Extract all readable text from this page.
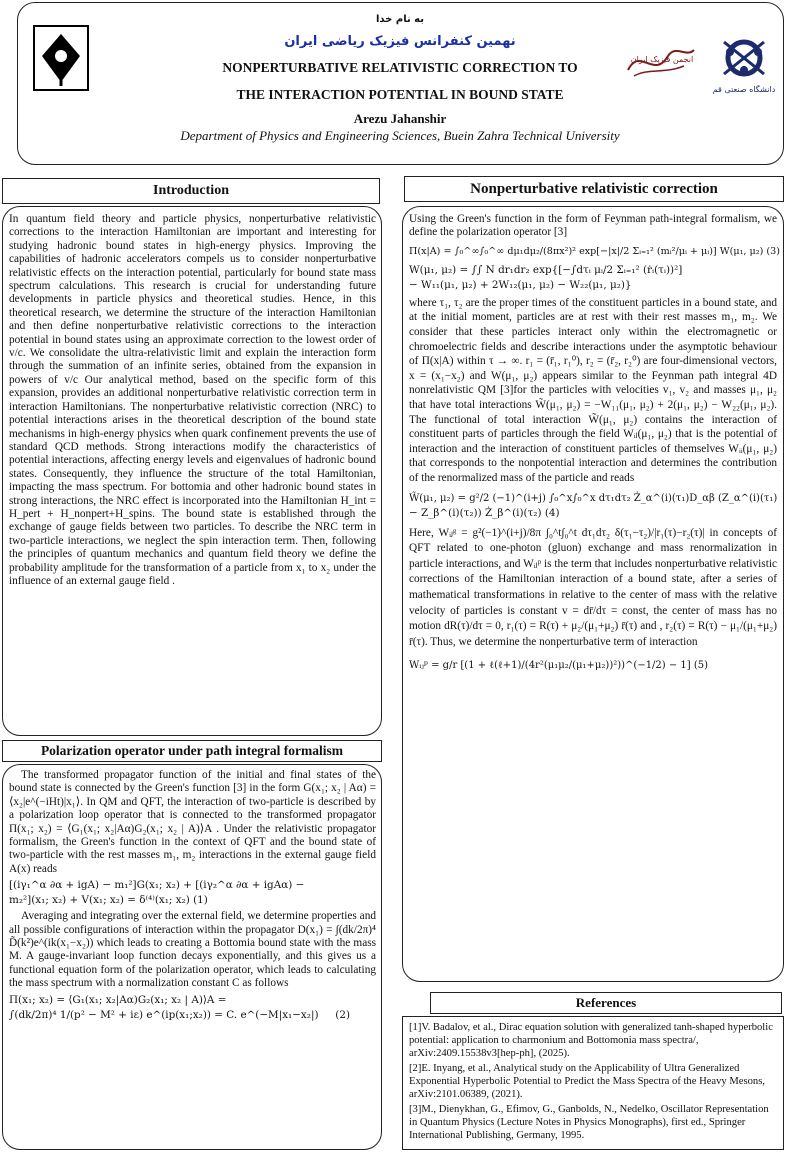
به نام خدا
نهمین کنفرانس فیزیک ریاضی ایران
NONPERTURBATIVE RELATIVISTIC CORRECTION TO
THE INTERACTION POTENTIAL IN BOUND STATE
Arezu Jahanshir
Department of Physics and Engineering Sciences, Buein Zahra Technical University
انجمن فیزیک ایران
دانشگاه صنعتی قم
Introduction

In quantum field theory and particle physics, nonperturbative relativistic corrections to the interaction Hamiltonian are important and interesting for studying hadronic bound states in high-energy physics. Improving the capabilities of hadronic accelerators compels us to consider nonperturbative relativistic effects on the interaction potential, particularly for bound state mass spectrum calculations. This research is crucial for understanding future developments in particle physics and theoretical studies. Hence, in this theoretical research, we determine the structure of the interaction Hamiltonian and then define nonperturbative relativistic corrections to the interaction potential in bound states using an approximate correction to the lowest order of v/c. We consolidate the ultra-relativistic limit and explain the interaction form through the summation of an infinite series, obtained from the expansion in powers of v/c Our analytical method, based on the specific form of this expansion, provides an additional nonperturbative relativistic correction term in interaction Hamiltonians. The nonperturbative relativistic correction (NRC) to potential interactions arises in the theoretical description of the bound state mechanisms in high-energy physics when quark confinement prevents the use of standard QCD methods. Strong interactions modify the characteristics of potential interactions, affecting energy levels and eigenvalues of hadronic bound states. Consequently, they influence the structure of the total Hamiltonian, impacting the mass spectrum. For bottomia and other hadronic bound states in strong interactions, the NRC effect is incorporated into the Hamiltonian H_int = H_pert + H_nonpert+H_spins. The bound state is established through the exchange of gauge fields between two particles. To describe the NRC term in two-particle interactions, we neglect the spin interaction term. Then, following the principles of quantum mechanics and quantum field theory we define the probability amplitude for the transformation of a particle from x₁ to x₂ under the influence of an external gauge field .

Polarization operator under path integral formalism

The transformed propagator function of the initial and final states of the bound state is connected by the Green's function [3] in the form G(x₁; x₂ | Aα) = ⟨x₂|e^(−iHt)|x₁⟩. In QM and QFT, the interaction of two-particle is described by a polarization loop operator that is connected to the transformed propagator Π(x₁; x₂) = ⟨G₁(x₁; x₂|Aα)G₂(x₁; x₂ | A)⟩A . Under the relativistic propagator formalism, the Green's function in the context of QFT and the bound state of two-particle with the rest masses m₁, m₂ interactions in the external gauge field A(x) reads

[(iγ₁^α ∂α + igA) − m₁²]G(x₁; x₂) + [(iγ₂^α ∂α + igAα) −
m₂²](x₁; x₂) + V(x₁; x₂) = δ⁽⁴⁾(x₁; x₂) (1)

Averaging and integrating over the external field, we determine properties and all possible configurations of interaction within the propagator D(x₁) = ∫(dk/2π)⁴ D̃(k²)e^(ik(x₁−x₂)) which leads to creating a Bottomia bound state with the mass M. A gauge-invariant loop function decays exponentially, and this gives us a functional equation form of the polarization operator, which leads to calculating the mass spectrum with a normalization constant C as follows

Π(x₁; x₂) = ⟨G₁(x₁; x₂|Aα)G₂(x₁; x₂ | A)⟩A =
∫(dk/2π)⁴ 1/(p² − M² + iε) e^(ip(x₁;x₂)) = C. e^(−M|x₁−x₂|) (2)
Nonperturbative relativistic correction

Using the Green's function in the form of Feynman path-integral formalism, we define the polarization operator [3]

Π(x|A) = ∫₀^∞∫₀^∞ dμ₁dμ₂/(8πx²)² exp[−|x|/2 Σᵢ₌₁² (mᵢ²/μᵢ + μᵢ)] W(μ₁, μ₂) (3)
W(μ₁, μ₂) = ∫∫ N dr₁dr₂ exp{[−∫dτᵢ μᵢ/2 Σᵢ₌₁² (ṙᵢ(τᵢ))²]
− W₁₁(μ₁, μ₂) + 2W₁₂(μ₁, μ₂) − W₂₂(μ₁, μ₂)}

where τ₁, τ₂ are the proper times of the constituent particles in a bound state, and at the initial moment, particles are at rest with their rest masses m₁, m₂. We consider that these particles interact only within the electromagnetic or chromoelectric fields and describe interactions under the asymptotic behaviour of Π(x|A) within τ → ∞. r₁ = (r̄₁, r₁⁰), r₂ = (r̄₂, r₂⁰) are four-dimensional vectors, x = (x₁−x₂) and W(μ₁, μ₂) appears similar to the Feynman path integral 4D nonrelativistic QM [3]for the particles with velocities v₁, v₂ and masses μ₁, μ₂ that have total interactions W̃(μ₁, μ₂) = −W₁₁(μ₁, μ₂) + 2(μ₁, μ₂) − W₂₂(μ₁, μ₂). The functional of total interaction W̃(μ₁, μ₂) contains the interaction of constituent parts of particles through the field Wᵢⱼ(μ₁, μ₂) that is the potential of interaction and the interaction of constituent particles of themselves Wᵢᵢ(μ₁, μ₂) that corresponds to the nonpotential interaction and determines the contribution of the renormalized mass of the particle and reads

W̃(μ₁, μ₂) = g²/2 (−1)^(i+j) ∫₀^x∫₀^x dτ₁dτ₂ Ż_α^(i)(τ₁)D_αβ (Z_α^(i)(τ₁)
− Z_β^(i)(τ₂)) Ż_β^(i)(τ₂) (4)

Here, Wᵢⱼᵍ = g²(−1)^(i+j)/8π ∫₀^t∫₀^t dτ₁dτ₂ δ(τ₁−τ₂)/|r₁(τ)−r₂(τ)| in concepts of QFT related to one-photon (gluon) exchange and mass renormalization in particle interactions, and Wᵢⱼᵖ is the term that includes nonperturbative relativistic corrections of the Hamiltonian interaction of a bound state, after a series of mathematical transformations in relative to the center of mass with the relative velocity of particles is constant v = dr̄/dτ = const, the center of mass has no motion dR(τ)/dτ = 0, r₁(τ) = R(τ) + μ₂/(μ₁+μ₂) r̄(τ) and , r₂(τ) = R(τ) − μ₁/(μ₁+μ₂) r̄(τ). Thus, we determine the nonperturbative term of interaction

Wᵢⱼᵖ = g/r [(1 + ℓ(ℓ+1)/(4r²(μ₁μ₂/(μ₁+μ₂))²))^(−1/2) − 1] (5)
References

[1]V. Badalov, et al., Dirac equation solution with generalized tanh-shaped hyperbolic potential: application to charmonium and Bottomonia mass spectra/, arXiv:2409.15538v3[hep-ph], (2025).

[2]E. Inyang, et al., Analytical study on the Applicability of Ultra Generalized Exponential Hyperbolic Potential to Predict the Mass Spectra of the Heavy Mesons, arXiv:2101.06389, (2021).

[3]M., Dienykhan, G., Efimov, G., Ganbolds, N., Nedelko, Oscillator Representation in Quantum Physics (Lecture Notes in Physics Monographs), first ed., Springer International Publishing, Germany, 1995.
